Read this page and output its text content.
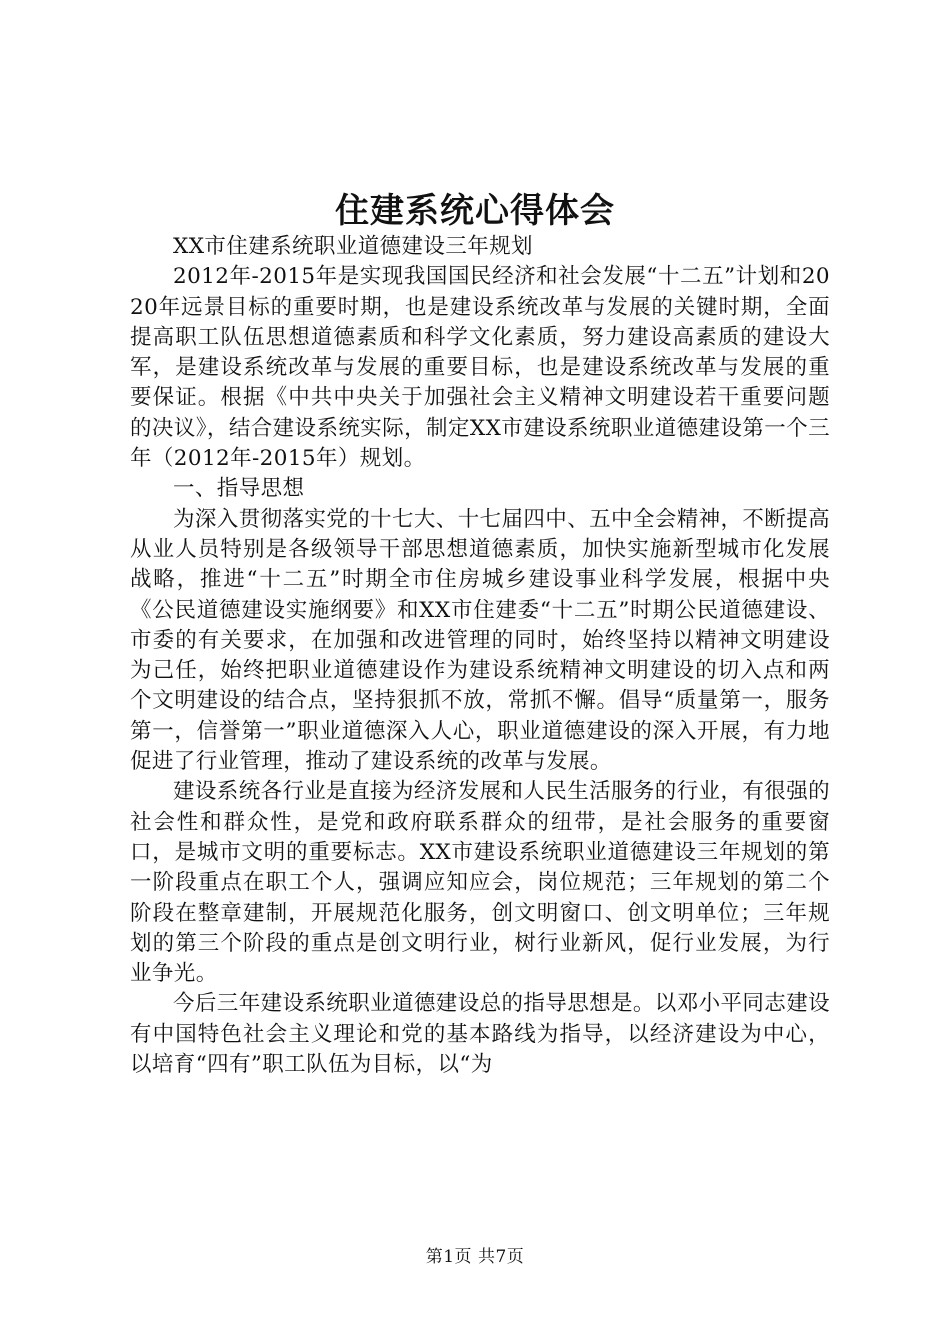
住建系统心得体会

XX市住建系统职业道德建设三年规划

2012年-2015年是实现我国国民经济和社会发展“十二五”计划和2020年远景目标的重要时期，也是建设系统改革与发展的关键时期，全面提高职工队伍思想道德素质和科学文化素质，努力建设高素质的建设大军，是建设系统改革与发展的重要目标，也是建设系统改革与发展的重要保证。根据《中共中央关于加强社会主义精神文明建设若干重要问题的决议》，结合建设系统实际，制定XX市建设系统职业道德建设第一个三年（2012年-2015年）规划。

一、指导思想

为深入贯彻落实党的十七大、十七届四中、五中全会精神，不断提高从业人员特别是各级领导干部思想道德素质，加快实施新型城市化发展战略，推进“十二五”时期全市住房城乡建设事业科学发展，根据中央《公民道德建设实施纲要》和XX市住建委“十二五”时期公民道德建设、市委的有关要求，在加强和改进管理的同时，始终坚持以精神文明建设为己任，始终把职业道德建设作为建设系统精神文明建设的切入点和两个文明建设的结合点，坚持狠抓不放，常抓不懈。倡导“质量第一，服务第一，信誉第一”职业道德深入人心，职业道德建设的深入开展，有力地促进了行业管理，推动了建设系统的改革与发展。

建设系统各行业是直接为经济发展和人民生活服务的行业，有很强的社会性和群众性，是党和政府联系群众的纽带，是社会服务的重要窗口，是城市文明的重要标志。XX市建设系统职业道德建设三年规划的第一阶段重点在职工个人，强调应知应会，岗位规范；三年规划的第二个阶段在整章建制，开展规范化服务，创文明窗口、创文明单位；三年规划的第三个阶段的重点是创文明行业，树行业新风，促行业发展，为行业争光。

今后三年建设系统职业道德建设总的指导思想是。以邓小平同志建设有中国特色社会主义理论和党的基本路线为指导，以经济建设为中心，以培育“四有”职工队伍为目标，以“为

第1页 共7页
